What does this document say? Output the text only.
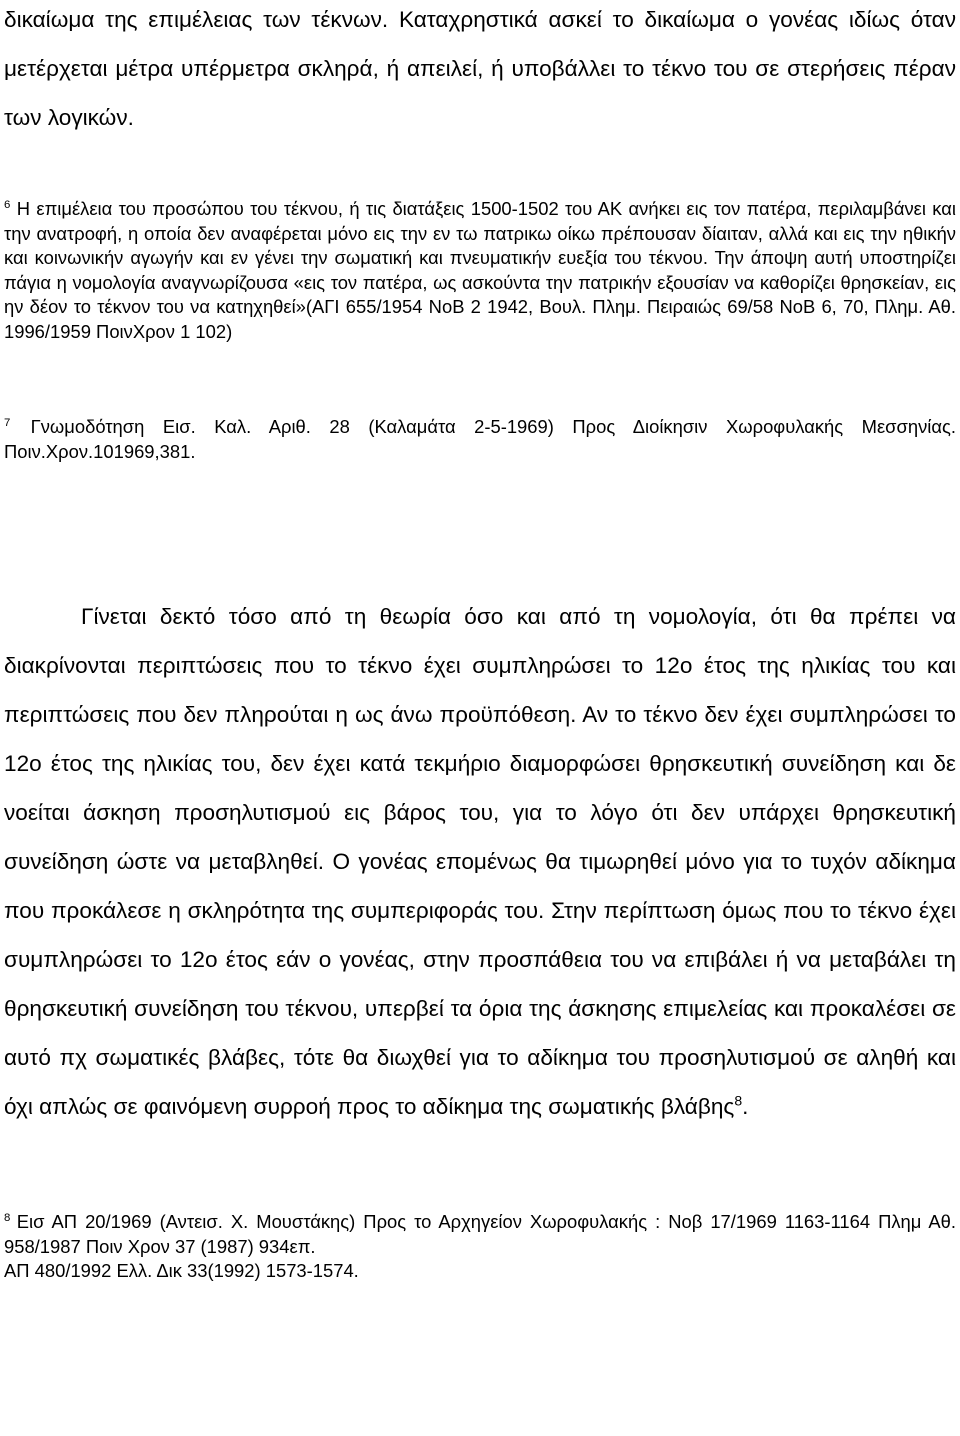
δικαίωμα της επιμέλειας των τέκνων. Καταχρηστικά ασκεί το δικαίωμα ο γονέας ιδίως όταν μετέρχεται μέτρα υπέρμετρα σκληρά, ή απειλεί, ή υποβάλλει το τέκνο του σε στερήσεις πέραν των λογικών.

$^6$ Η επιμέλεια του προσώπου του τέκνου, ή τις διατάξεις 1500-1502 του ΑΚ ανήκει εις τον πατέρα, περιλαμβάνει και την ανατροφή, η οποία δεν αναφέρεται μόνο εις την εν τω πατρικω οίκω πρέπουσαν δίαιταν, αλλά και εις την ηθικήν και κοινωνικήν αγωγήν και εν γένει την σωματική και πνευματικήν ευεξία του τέκνου. Την άποψη αυτή υποστηρίζει πάγια η νομολογία αναγνωρίζουσα «εις τον πατέρα, ως ασκούντα την πατρικήν εξουσίαν να καθορίζει θρησκείαν, εις ην δέον το τέκνον του να κατηχηθεί»(ΑΓΙ 655/1954 ΝοΒ 2 1942, Βουλ. Πλημ. Πειραιώς 69/58 ΝοΒ 6, 70, Πλημ. Αθ. 1996/1959 ΠοινΧρον 1 102)

$^7$ Γνωμοδότηση Εισ. Καλ. Αριθ. 28 (Καλαμάτα 2-5-1969) Προς Διοίκησιν Χωροφυλακής Μεσσηνίας. Ποιν.Χρον.101969,381.

Γίνεται δεκτό τόσο από τη θεωρία όσο και από τη νομολογία, ότι θα πρέπει να διακρίνονται περιπτώσεις που το τέκνο έχει συμπληρώσει το 12ο έτος της ηλικίας του και περιπτώσεις που δεν πληρούται η ως άνω προϋπόθεση. Αν το τέκνο δεν έχει συμπληρώσει το 12ο έτος της ηλικίας του, δεν έχει κατά τεκμήριο διαμορφώσει θρησκευτική συνείδηση και δε νοείται άσκηση προσηλυτισμού εις βάρος του, για το λόγο ότι δεν υπάρχει θρησκευτική συνείδηση ώστε να μεταβληθεί. Ο γονέας επομένως θα τιμωρηθεί μόνο για το τυχόν αδίκημα που προκάλεσε η σκληρότητα της συμπεριφοράς του. Στην περίπτωση όμως που το τέκνο έχει συμπληρώσει το 12ο έτος εάν ο γονέας, στην προσπάθεια του να επιβάλει ή να μεταβάλει τη θρησκευτική συνείδηση του τέκνου, υπερβεί τα όρια της άσκησης επιμελείας και προκαλέσει σε αυτό πχ σωματικές βλάβες, τότε θα διωχθεί για το αδίκημα του προσηλυτισμού σε αληθή και όχι απλώς σε φαινόμενη συρροή προς το αδίκημα της σωματικής βλάβης$^8$.

$^8$ Εισ ΑΠ 20/1969 (Αντεισ. Χ. Μουστάκης) Προς το Αρχηγείον Χωροφυλακής : Νοβ 17/1969 1163-1164 Πλημ Αθ. 958/1987 Ποιν Χρον 37 (1987) 934επ.

ΑΠ 480/1992 Ελλ. Δικ 33(1992) 1573-1574.
